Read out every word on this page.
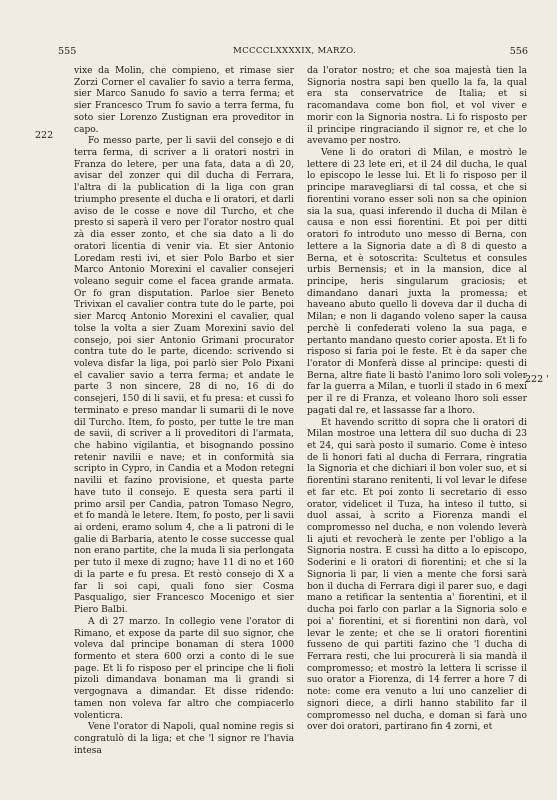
555	MCCCCLXXXXIX, MARZO.	556
222
222 '

vixe da Molin, che compieno, et rimase sier Zorzi Corner el cavalier fo savio a terra ferma, sier Marco Sanudo fo savio a terra ferma; et sier Francesco Trum fo savio a terra ferma, fu soto sier Lorenzo Zustignan era proveditor in capo.

Fo messo parte, per li savii del consejo e di terra ferma, di scriver a li oratori nostri in Franza do letere, per una fata, data a dì 20, avisar del zonzer qui dil ducha di Ferrara, l'altra di la publication di la liga con gran triumpho presente el ducha e li oratori, et darli aviso de le cosse e nove dil Turcho, et che presto si saperà il vero per l'orator nostro qual zà dia esser zonto, et che sia dato a li do oratori licentia di venir via. Et sier Antonio Loredam resti ivi, et sier Polo Barbo et sier Marco Antonio Morexini el cavalier consejeri voleano seguir come el facea grande armata. Or fo gran disputation. Parloe sier Beneto Trivixan el cavalier contra tute do le parte, poi sier Marcq Antonio Morexini el cavalier, qual tolse la volta a sier Zuam Morexini savio del consejo, poi sier Antonio Grimani procurator contra tute do le parte, dicendo: scrivendo si voleva disfar la liga, poi parlò sier Polo Pixani el cavalier savio a terra ferma; et andate le parte 3 non sincere, 28 di no, 16 di do consejeri, 150 di li savii, et fu presa: et cussì fo terminato e preso mandar li sumarii di le nove dil Turcho. Item, fo posto, per tutte le tre man de savii, di scriver a li proveditori di l'armata, che habino vigilantia, et bisognando possino retenir navilii e nave; et in conformità sia scripto in Cypro, in Candia et a Modon retegni navilii et fazino provisione, et questa parte have tuto il consejo. E questa sera parti il primo arsil per Candia, patron Tomaso Negro, et fo mandà le letere. Item, fo posto, per li savii ai ordeni, eramo solum 4, che a li patroni di le galie di Barbaria, atento le cosse successe qual non erano partite, che la muda li sia perlongata per tuto il mexe di zugno; have 11 di no et 160 di la parte e fu presa. Et restò consejo di X a far li soi capi, quali fono sier Cosma Pasqualigo, sier Francesco Mocenigo et sier Piero Balbi.

A dì 27 marzo. In collegio vene l'orator di Rimano, et expose da parte dil suo signor, che voleva dal principe bonaman di stera 1000 formento et stera 600 orzi a conto di le sue page. Et li fo risposo per el principe che li fioli pizoli dimandava bonaman ma li grandi si vergognava a dimandar. Et disse ridendo: tamen non voleva far altro che compiacerlo volenticra.

Vene l'orator di Napoli, qual nomine regis si congratulò di la liga; et che 'l signor re l'havia intesa

da l'orator nostro; et che soa majestà tien la Signoria nostra sapi ben quello la fa, la qual era sta conservatrice de Italia; et si racomandava come bon fiol, et vol viver e morir con la Signoria nostra. Li fo risposto per il principe ringraciando il signor re, et che lo avevamo per nostro.

Vene li do oratori di Milan, e mostrò le lettere di 23 lete eri, et il 24 dil ducha, le qual lo episcopo le lesse lui. Et li fo risposo per il principe maravegliarsi di tal cossa, et che si fiorentini vorano esser soli non sa che opinion sia la sua, quasi inferendo il ducha di Milan è causa e non essi fiorentini. Et poi per ditti oratori fo introduto uno messo di Berna, con lettere a la Signoria date a dì 8 di questo a Berna, et è sotoscrita: Scultetus et consules urbis Bernensis; et in la mansion, dice al principe, heris singularum graciosis; et dimandano danari juxta la promessa; et haveano abuto quello li doveva dar il ducha di Milan; e non li dagando voleno saper la causa perchè li confederati voleno la sua paga, e pertanto mandano questo corier aposta. Et li fo risposo si faria poi le feste. Et è da saper che l'orator di Monferà disse al principe: questi di Berna, altre fiate li bastò l'animo loro soli voler far la guerra a Milan, e tuorli il stado in 6 mexi per il re di Franza, et voleano lhoro soli esser pagati dal re, et lassasse far a lhoro.

Et havendo scritto di sopra che li oratori di Milan mostroe una lettera dil suo ducha di 23 et 24, qui sarà posto il sumario. Come è inteso de li honori fati al ducha di Ferrara, ringratia la Signoria et che dichiari il bon voler suo, et si fiorentini starano renitenti, li vol levar le difese et far etc. Et poi zonto li secretario di esso orator, videlicet il Tuza, ha inteso il tutto, si duol assai, à scrito a Fiorenza mandi el compromesso nel ducha, e non volendo leverà li ajuti et revocherà le zente per l'obligo a la Signoria nostra. E cussì ha ditto a lo episcopo, Soderini e li oratori di fiorentini; et che si la Signoria li par, li vien a mente che forsi sarà bon il ducha di Ferrara digi il parer suo, e dagi mano a retificar la sententia a' fiorentini, et il ducha poi farlo con parlar a la Signoria solo e poi a' fiorentini, et si fiorentini non darà, vol levar le zente; et che se li oratori fiorentini fusseno de qui partiti fazino che 'l ducha di Ferrara resti, che lui procurerà li sia mandà il compromesso; et mostrò la lettera li scrisse il suo orator a Fiorenza, di 14 ferrer a hore 7 di note: come era venuto a lui uno canzelier di signori diece, a dirli hanno stabilito far il compromesso nel ducha, e doman si farà uno over doi oratori, partirano fin 4 zorni, et
